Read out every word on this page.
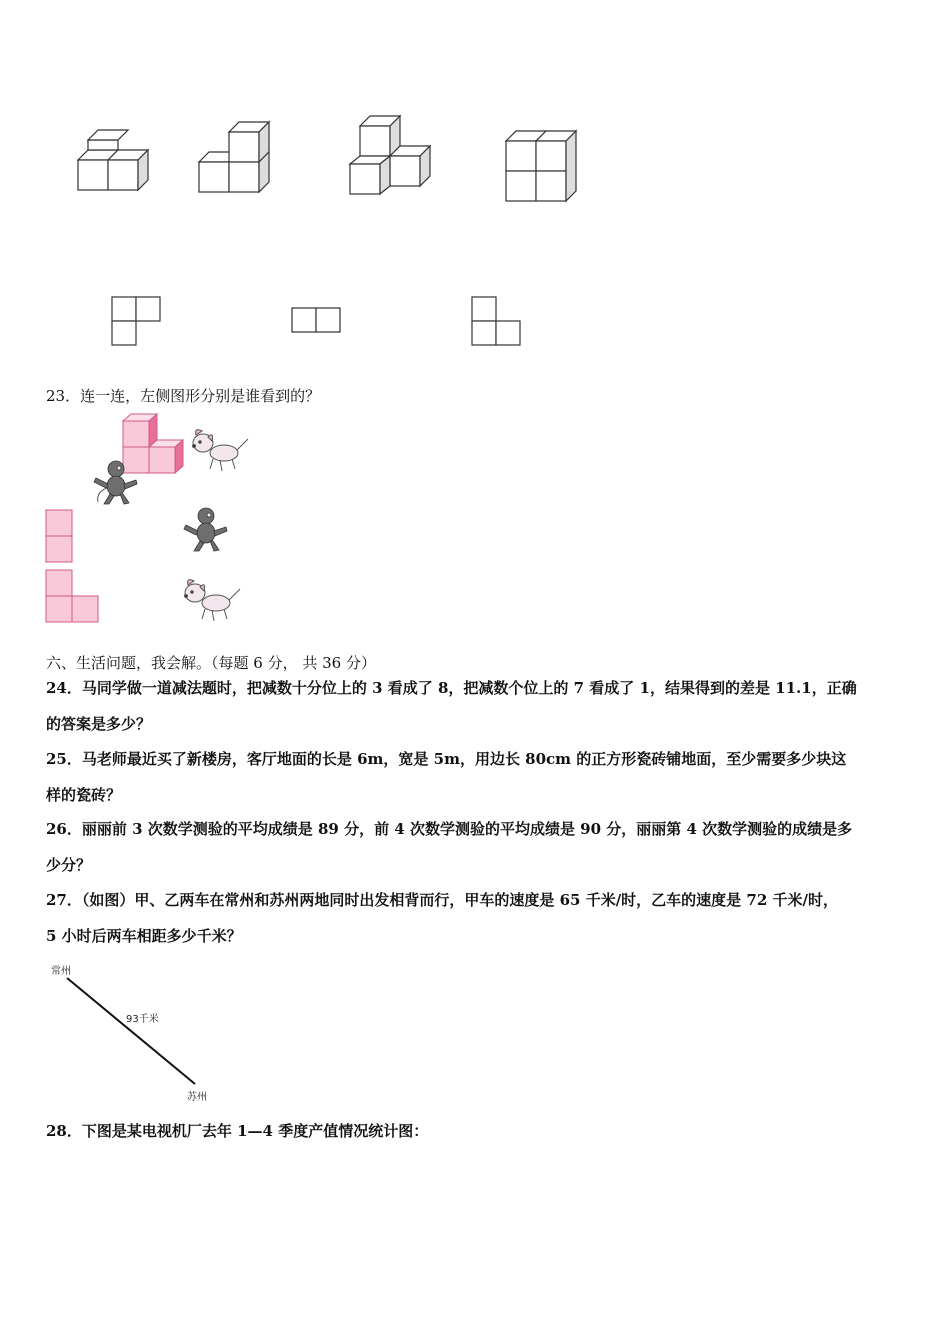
23．连一连，左侧图形分别是谁看到的？
六、生活问题，我会解。（每题 6 分， 共 36 分）
24．马同学做一道减法题时，把减数十分位上的 3 看成了 8，把减数个位上的 7 看成了 1，结果得到的差是 11.1，正确
的答案是多少？
25．马老师最近买了新楼房，客厅地面的长是 6m，宽是 5m，用边长 80cm 的正方形瓷砖铺地面，至少需要多少块这
样的瓷砖？
26．丽丽前 3 次数学测验的平均成绩是 89 分，前 4 次数学测验的平均成绩是 90 分，丽丽第 4 次数学测验的成绩是多
少分？
27．（如图）甲、乙两车在常州和苏州两地同时出发相背而行，甲车的速度是 65 千米/时，乙车的速度是 72 千米/时，
5 小时后两车相距多少千米？
常州
93千米
苏州
28．下图是某电视机厂去年 1—4 季度产值情况统计图：
